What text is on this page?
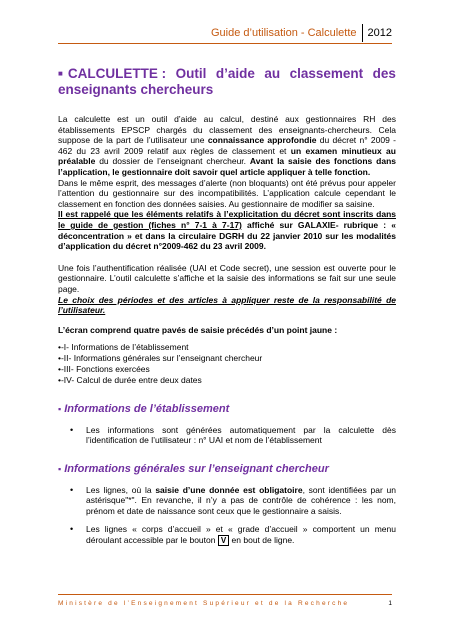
Guide d’utilisation - Calculette 2012
■ CALCULETTE : Outil d’aide au classement des
enseignants chercheurs

La calculette est un outil d’aide au calcul, destiné aux gestionnaires RH des établissements EPSCP chargés du classement des enseignants-chercheurs. Cela suppose de la part de l’utilisateur une connaissance approfondie du décret n° 2009 - 462 du 23 avril 2009 relatif aux règles de classement et un examen minutieux au préalable du dossier de l’enseignant chercheur. Avant la saisie des fonctions dans l’application, le gestionnaire doit savoir quel article appliquer à telle fonction.

Dans le même esprit, des messages d’alerte (non bloquants) ont été prévus pour appeler l’attention du gestionnaire sur des incompatibilités. L’application calcule cependant le classement en fonction des données saisies. Au gestionnaire de modifier sa saisine.

Il est rappelé que les éléments relatifs à l’explicitation du décret sont inscrits dans le guide de gestion (fiches n° 7-1 à 7-17) affiché sur GALAXIE- rubrique : « déconcentration » et dans la circulaire DGRH du 22 janvier 2010 sur les modalités d’application du décret n°2009-462 du 23 avril 2009.

Une fois l’authentification réalisée (UAI et Code secret), une session est ouverte pour le gestionnaire. L’outil calculette s’affiche et la saisie des informations se fait sur une seule page.

Le choix des périodes et des articles à appliquer reste de la responsabilité de l’utilisateur.

L’écran comprend quatre pavés de saisie précédés d’un point jaune :

•-I- Informations de l’établissement
•-II- Informations générales sur l’enseignant chercheur
•-III- Fonctions exercées
•-IV- Calcul de durée entre deux dates
▪ Informations de l’établissement
•	Les informations sont générées automatiquement par la calculette dès l’identification de l’utilisateur : n° UAI et nom de l’établissement
▪ Informations générales sur l’enseignant chercheur
•	Les lignes, où la saisie d’une donnée est obligatoire, sont identifiées par un astérisque"*". En revanche, il n’y a pas de contrôle de cohérence : les nom, prénom et date de naissance sont ceux que le gestionnaire a saisis.
•	Les lignes « corps d’accueil » et « grade d’accueil » comportent un menu déroulant accessible par le bouton V en bout de ligne.
Ministère de l’Enseignement Supérieur et de la Recherche	1
